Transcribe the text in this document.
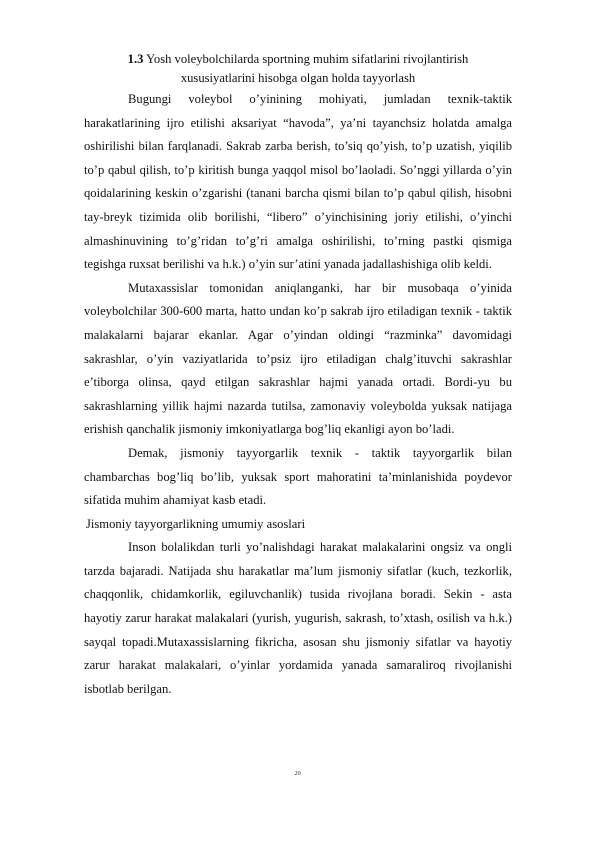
1.3 Yosh voleybolchilarda sportning muhim sifatlarini rivojlantirish
xususiyatlarini hisobga olgan holda tayyorlash

Bugungi voleybol o’yinining mohiyati, jumladan texnik-taktik harakatlarining ijro etilishi aksariyat “havoda”, ya’ni tayanchsiz holatda amalga oshirilishi bilan farqlanadi. Sakrab zarba berish, to’siq qo’yish, to’p uzatish, yiqilib to’p qabul qilish, to’p kiritish bunga yaqqol misol bo’laoladi. So’nggi yillarda o’yin qoidalarining keskin o’zgarishi (tanani barcha qismi bilan to’p qabul qilish, hisobni tay-breyk tizimida olib borilishi, “libero” o’yinchisining joriy etilishi, o’yinchi almashinuvining to’g’ridan to’g’ri amalga oshirilishi, to’rning pastki qismiga tegishga ruxsat berilishi va h.k.) o’yin sur’atini yanada jadallashishiga olib keldi.

Mutaxassislar tomonidan aniqlanganki, har bir musobaqa o’yinida voleybolchilar 300-600 marta, hatto undan ko’p sakrab ijro etiladigan texnik - taktik malakalarni bajarar ekanlar. Agar o’yindan oldingi “razminka” davomidagi sakrashlar, o’yin vaziyatlarida to’psiz ijro etiladigan chalg’ituvchi sakrashlar e’tiborga olinsa, qayd etilgan sakrashlar hajmi yanada ortadi. Bordi-yu bu sakrashlarning yillik hajmi nazarda tutilsa, zamonaviy voleybolda yuksak natijaga erishish qanchalik jismoniy imkoniyatlarga bog’liq ekanligi ayon bo’ladi.

Demak, jismoniy tayyorgarlik texnik - taktik tayyorgarlik bilan chambarchas bog’liq bo’lib, yuksak sport mahoratini ta’minlanishida poydevor sifatida muhim ahamiyat kasb etadi.

Jismoniy tayyorgarlikning umumiy asoslari

Inson bolalikdan turli yo’nalishdagi harakat malakalarini ongsiz va ongli tarzda bajaradi. Natijada shu harakatlar ma’lum jismoniy sifatlar (kuch, tezkorlik, chaqqonlik, chidamkorlik, egiluvchanlik) tusida rivojlana boradi. Sekin - asta hayotiy zarur harakat malakalari (yurish, yugurish, sakrash, to’xtash, osilish va h.k.) sayqal topadi.Mutaxassislarning fikricha, asosan shu jismoniy sifatlar va hayotiy zarur harakat malakalari, o’yinlar yordamida yanada samaraliroq rivojlanishi isbotlab berilgan.

20
